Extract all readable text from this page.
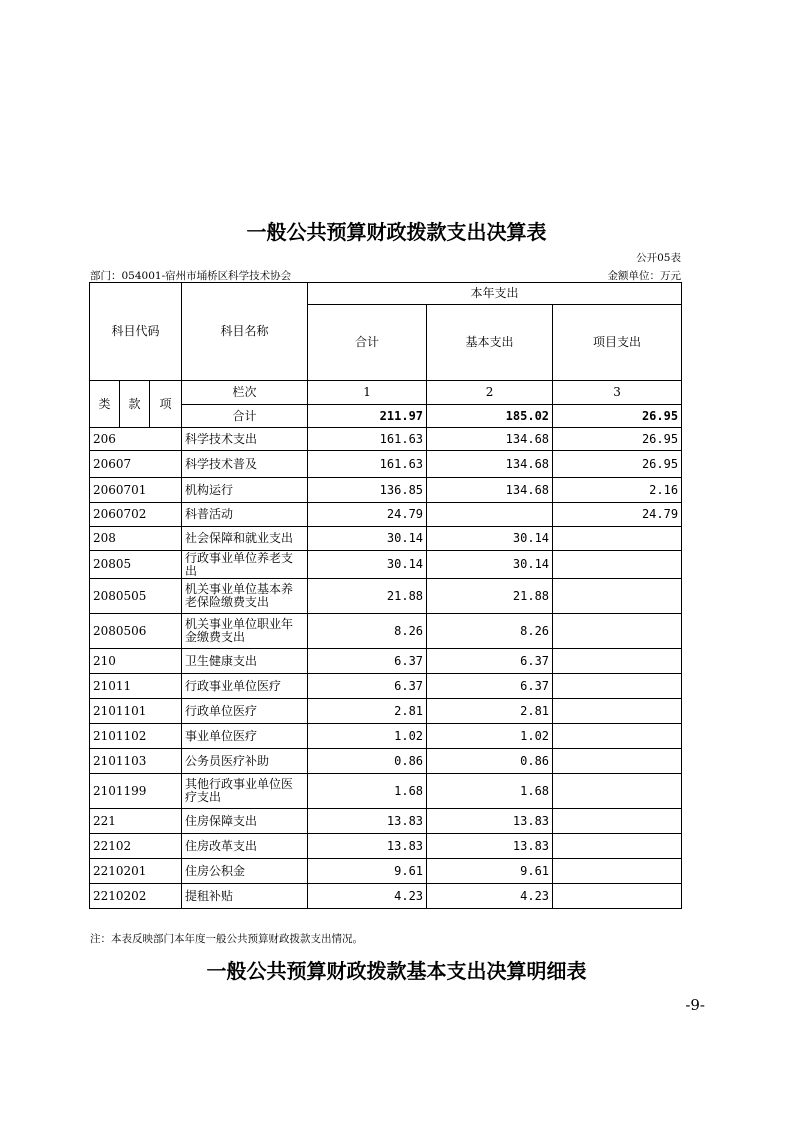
一般公共预算财政拨款支出决算表
公开05表
部门：054001-宿州市埇桥区科学技术协会	金额单位：万元
科目代码			科目名称	本年支出		
				合计	基本支出	项目支出
类	款	项	栏次	1	2	3
			合计	211.97	185.02	26.95
206			科学技术支出	161.63	134.68	26.95
20607			科学技术普及	161.63	134.68	26.95
2060701			机构运行	136.85	134.68	2.16
2060702			科普活动	24.79		24.79
208			社会保障和就业支出	30.14	30.14	
20805			行政事业单位养老支出	30.14	30.14	
2080505			机关事业单位基本养老保险缴费支出	21.88	21.88	
2080506			机关事业单位职业年金缴费支出	8.26	8.26	
210			卫生健康支出	6.37	6.37	
21011			行政事业单位医疗	6.37	6.37	
2101101			行政单位医疗	2.81	2.81	
2101102			事业单位医疗	1.02	1.02	
2101103			公务员医疗补助	0.86	0.86	
2101199			其他行政事业单位医疗支出	1.68	1.68	
221			住房保障支出	13.83	13.83	
22102			住房改革支出	13.83	13.83	
2210201			住房公积金	9.61	9.61	
2210202			提租补贴	4.23	4.23	
注：本表反映部门本年度一般公共预算财政拨款支出情况。
一般公共预算财政拨款基本支出决算明细表
-9-
